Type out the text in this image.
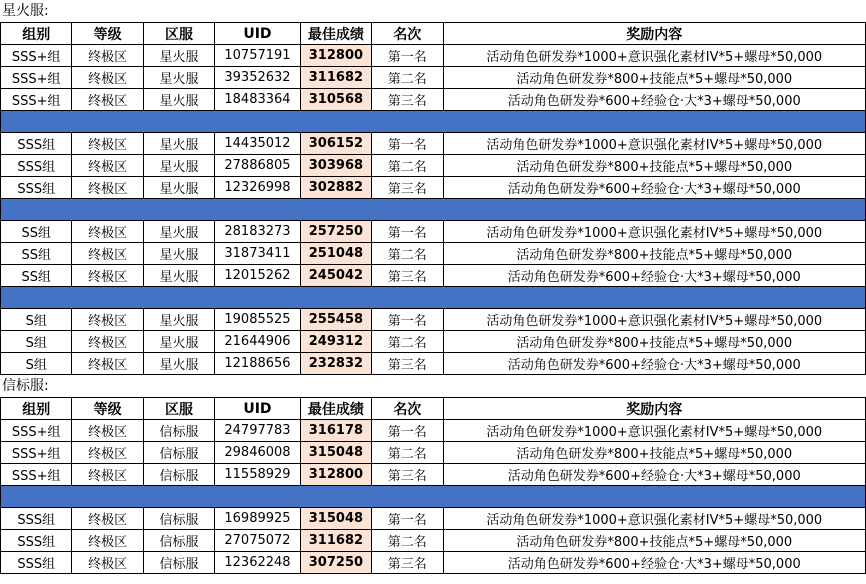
星火服:
组别	等级	区服	UID	最佳成绩	名次	奖励内容
SSS+组	终极区	星火服	10757191	312800	第一名	活动角色研发券*1000+意识强化素材IV*5+螺母*50,000
SSS+组	终极区	星火服	39352632	311682	第二名	活动角色研发券*800+技能点*5+螺母*50,000
SSS+组	终极区	星火服	18483364	310568	第三名	活动角色研发券*600+经验仓·大*3+螺母*50,000

SSS组	终极区	星火服	14435012	306152	第一名	活动角色研发券*1000+意识强化素材IV*5+螺母*50,000
SSS组	终极区	星火服	27886805	303968	第二名	活动角色研发券*800+技能点*5+螺母*50,000
SSS组	终极区	星火服	12326998	302882	第三名	活动角色研发券*600+经验仓·大*3+螺母*50,000

SS组	终极区	星火服	28183273	257250	第一名	活动角色研发券*1000+意识强化素材IV*5+螺母*50,000
SS组	终极区	星火服	31873411	251048	第二名	活动角色研发券*800+技能点*5+螺母*50,000
SS组	终极区	星火服	12015262	245042	第三名	活动角色研发券*600+经验仓·大*3+螺母*50,000

S组	终极区	星火服	19085525	255458	第一名	活动角色研发券*1000+意识强化素材IV*5+螺母*50,000
S组	终极区	星火服	21644906	249312	第二名	活动角色研发券*800+技能点*5+螺母*50,000
S组	终极区	星火服	12188656	232832	第三名	活动角色研发券*600+经验仓·大*3+螺母*50,000
信标服:
组别	等级	区服	UID	最佳成绩	名次	奖励内容
SSS+组	终极区	信标服	24797783	316178	第一名	活动角色研发券*1000+意识强化素材IV*5+螺母*50,000
SSS+组	终极区	信标服	29846008	315048	第二名	活动角色研发券*800+技能点*5+螺母*50,000
SSS+组	终极区	信标服	11558929	312800	第三名	活动角色研发券*600+经验仓·大*3+螺母*50,000

SSS组	终极区	信标服	16989925	315048	第一名	活动角色研发券*1000+意识强化素材IV*5+螺母*50,000
SSS组	终极区	信标服	27075072	311682	第二名	活动角色研发券*800+技能点*5+螺母*50,000
SSS组	终极区	信标服	12362248	307250	第三名	活动角色研发券*600+经验仓·大*3+螺母*50,000
